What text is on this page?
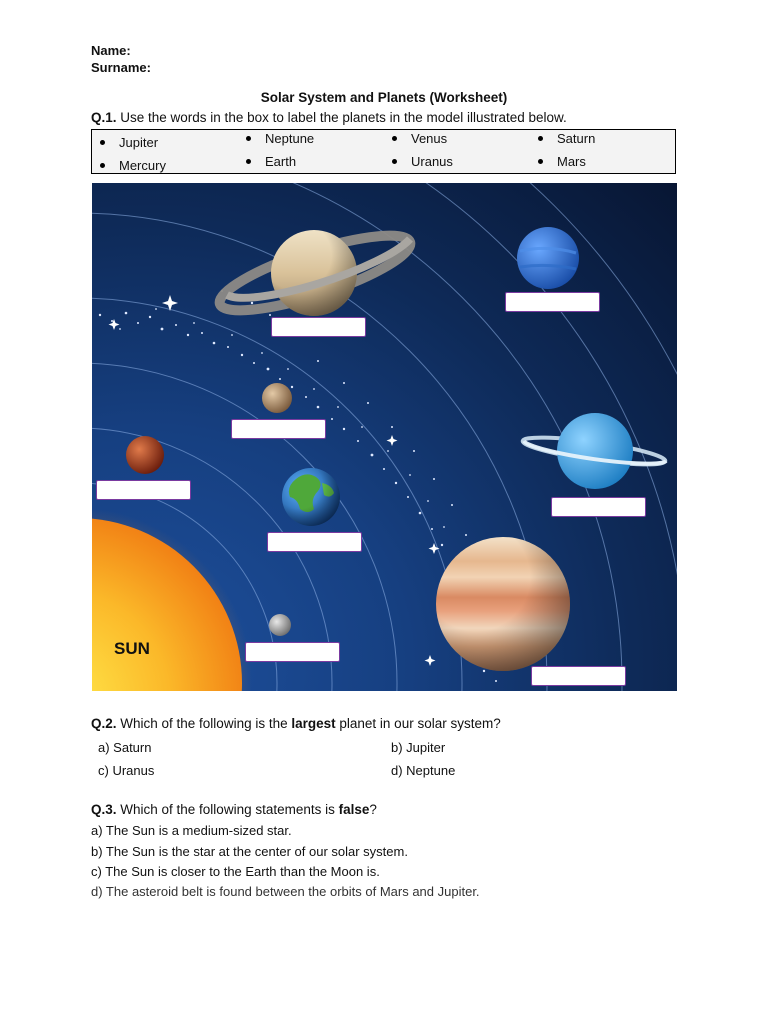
Name:
Surname:
Solar System and Planets (Worksheet)
Q.1. Use the words in the box to label the planets in the model illustrated below.
Jupiter	Neptune	Venus	Saturn
Mercury	Earth	Uranus	Mars
SUN
Q.2. Which of the following is the largest planet in our solar system?
a) Saturn	b) Jupiter
c) Uranus	d) Neptune
Q.3. Which of the following statements is false?
a) The Sun is a medium-sized star.
b) The Sun is the star at the center of our solar system.
c) The Sun is closer to the Earth than the Moon is.
d) The asteroid belt is found between the orbits of Mars and Jupiter.
